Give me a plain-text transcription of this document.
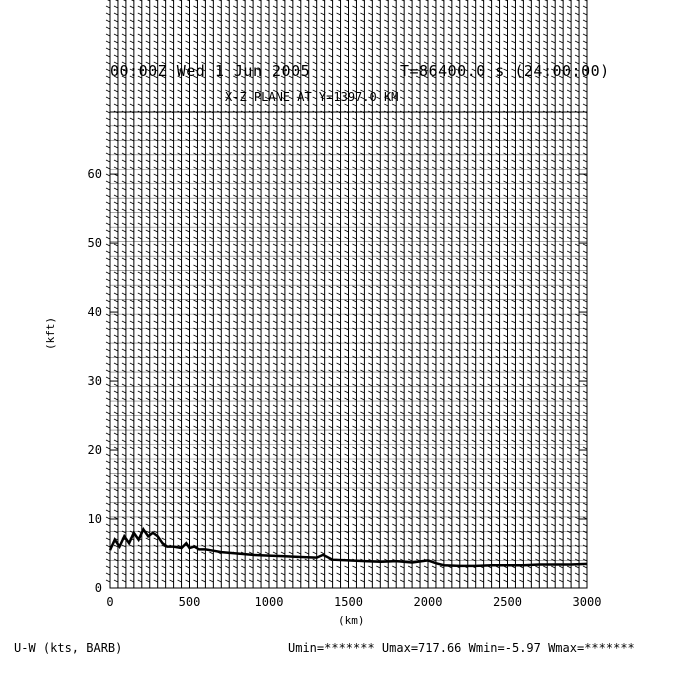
00:00Z Wed 1 Jun 2005	T=86400.0 s (24:00:00)
X-Z PLANE AT Y=1397.0 KM
0	500	1000	1500	2000	2500	3000
0
10
20
30
40
50
60
(kft)
(km)
U-W (kts, BARB)	Umin=******* Umax=717.66 Wmin=-5.97 Wmax=*******
